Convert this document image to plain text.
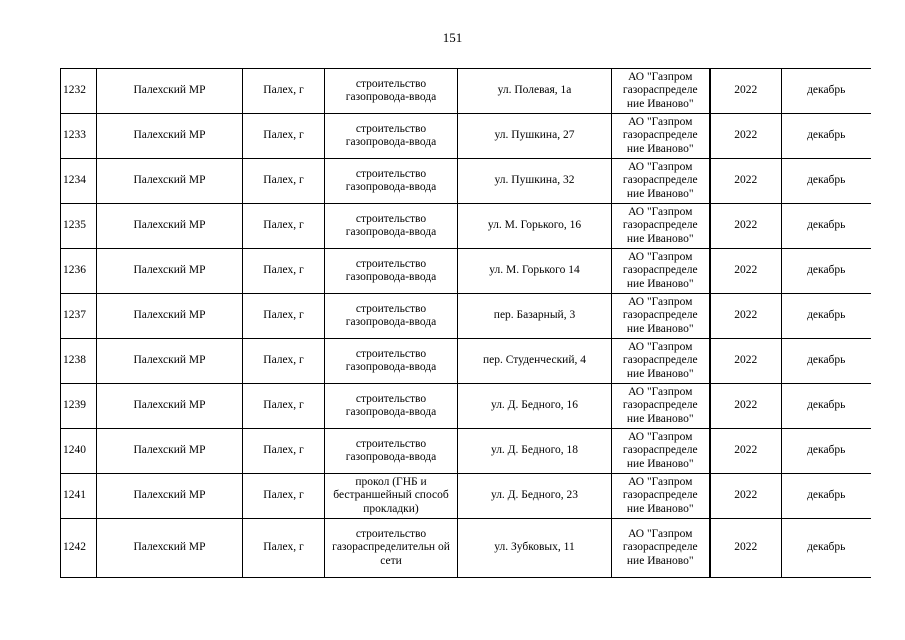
151
1232	Палехский МР	Палех, г	строительство газопровода-ввода	ул. Полевая, 1а	АО "Газпром газораспределе ние Иваново"	2022	декабрь
1233	Палехский МР	Палех, г	строительство газопровода-ввода	ул. Пушкина, 27	АО "Газпром газораспределе ние Иваново"	2022	декабрь
1234	Палехский МР	Палех, г	строительство газопровода-ввода	ул. Пушкина, 32	АО "Газпром газораспределе ние Иваново"	2022	декабрь
1235	Палехский МР	Палех, г	строительство газопровода-ввода	ул. М. Горького, 16	АО "Газпром газораспределе ние Иваново"	2022	декабрь
1236	Палехский МР	Палех, г	строительство газопровода-ввода	ул. М. Горького 14	АО "Газпром газораспределе ние Иваново"	2022	декабрь
1237	Палехский МР	Палех, г	строительство газопровода-ввода	пер. Базарный, 3	АО "Газпром газораспределе ние Иваново"	2022	декабрь
1238	Палехский МР	Палех, г	строительство газопровода-ввода	пер. Студенческий, 4	АО "Газпром газораспределе ние Иваново"	2022	декабрь
1239	Палехский МР	Палех, г	строительство газопровода-ввода	ул. Д. Бедного, 16	АО "Газпром газораспределе ние Иваново"	2022	декабрь
1240	Палехский МР	Палех, г	строительство газопровода-ввода	ул. Д. Бедного, 18	АО "Газпром газораспределе ние Иваново"	2022	декабрь
1241	Палехский МР	Палех, г	прокол (ГНБ и бестраншейный способ прокладки)	ул. Д. Бедного, 23	АО "Газпром газораспределе ние Иваново"	2022	декабрь
1242	Палехский МР	Палех, г	строительство газораспределительн ой сети	ул. Зубковых, 11	АО "Газпром газораспределе ние Иваново"	2022	декабрь
